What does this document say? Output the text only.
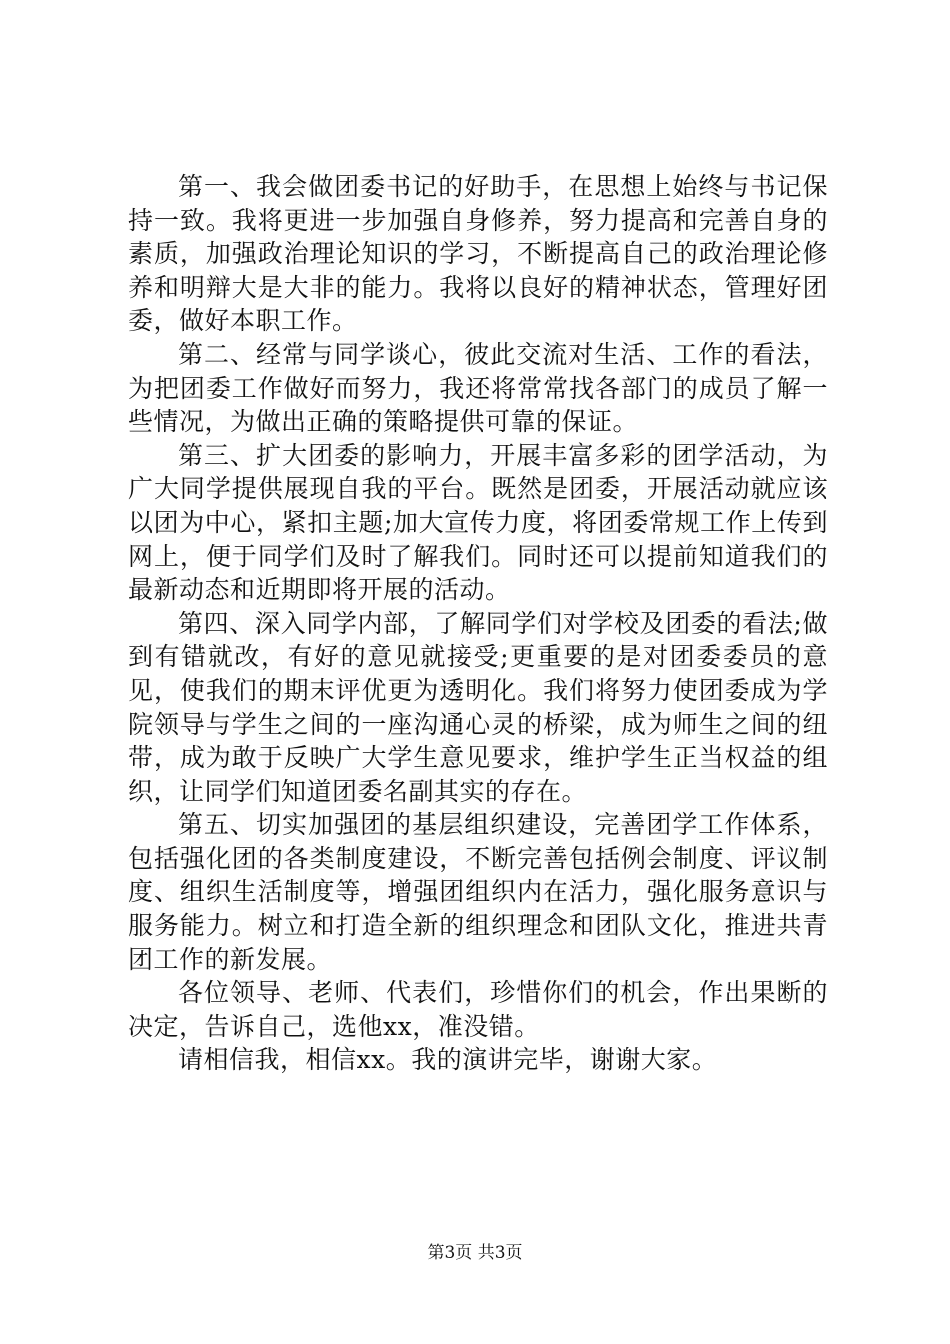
第一、我会做团委书记的好助手，在思想上始终与书记保持一致。我将更进一步加强自身修养，努力提高和完善自身的素质，加强政治理论知识的学习，不断提高自己的政治理论修养和明辩大是大非的能力。我将以良好的精神状态，管理好团委，做好本职工作。

第二、经常与同学谈心，彼此交流对生活、工作的看法，为把团委工作做好而努力，我还将常常找各部门的成员了解一些情况，为做出正确的策略提供可靠的保证。

第三、扩大团委的影响力，开展丰富多彩的团学活动，为广大同学提供展现自我的平台。既然是团委，开展活动就应该以团为中心，紧扣主题;加大宣传力度，将团委常规工作上传到网上，便于同学们及时了解我们。同时还可以提前知道我们的最新动态和近期即将开展的活动。

第四、深入同学内部，了解同学们对学校及团委的看法;做到有错就改，有好的意见就接受;更重要的是对团委委员的意见，使我们的期末评优更为透明化。我们将努力使团委成为学院领导与学生之间的一座沟通心灵的桥梁，成为师生之间的纽带，成为敢于反映广大学生意见要求，维护学生正当权益的组织，让同学们知道团委名副其实的存在。

第五、切实加强团的基层组织建设，完善团学工作体系，包括强化团的各类制度建设，不断完善包括例会制度、评议制度、组织生活制度等，增强团组织内在活力，强化服务意识与服务能力。树立和打造全新的组织理念和团队文化，推进共青团工作的新发展。

各位领导、老师、代表们，珍惜你们的机会，作出果断的决定，告诉自己，选他xx，准没错。

请相信我，相信xx。我的演讲完毕，谢谢大家。

第3页 共3页
